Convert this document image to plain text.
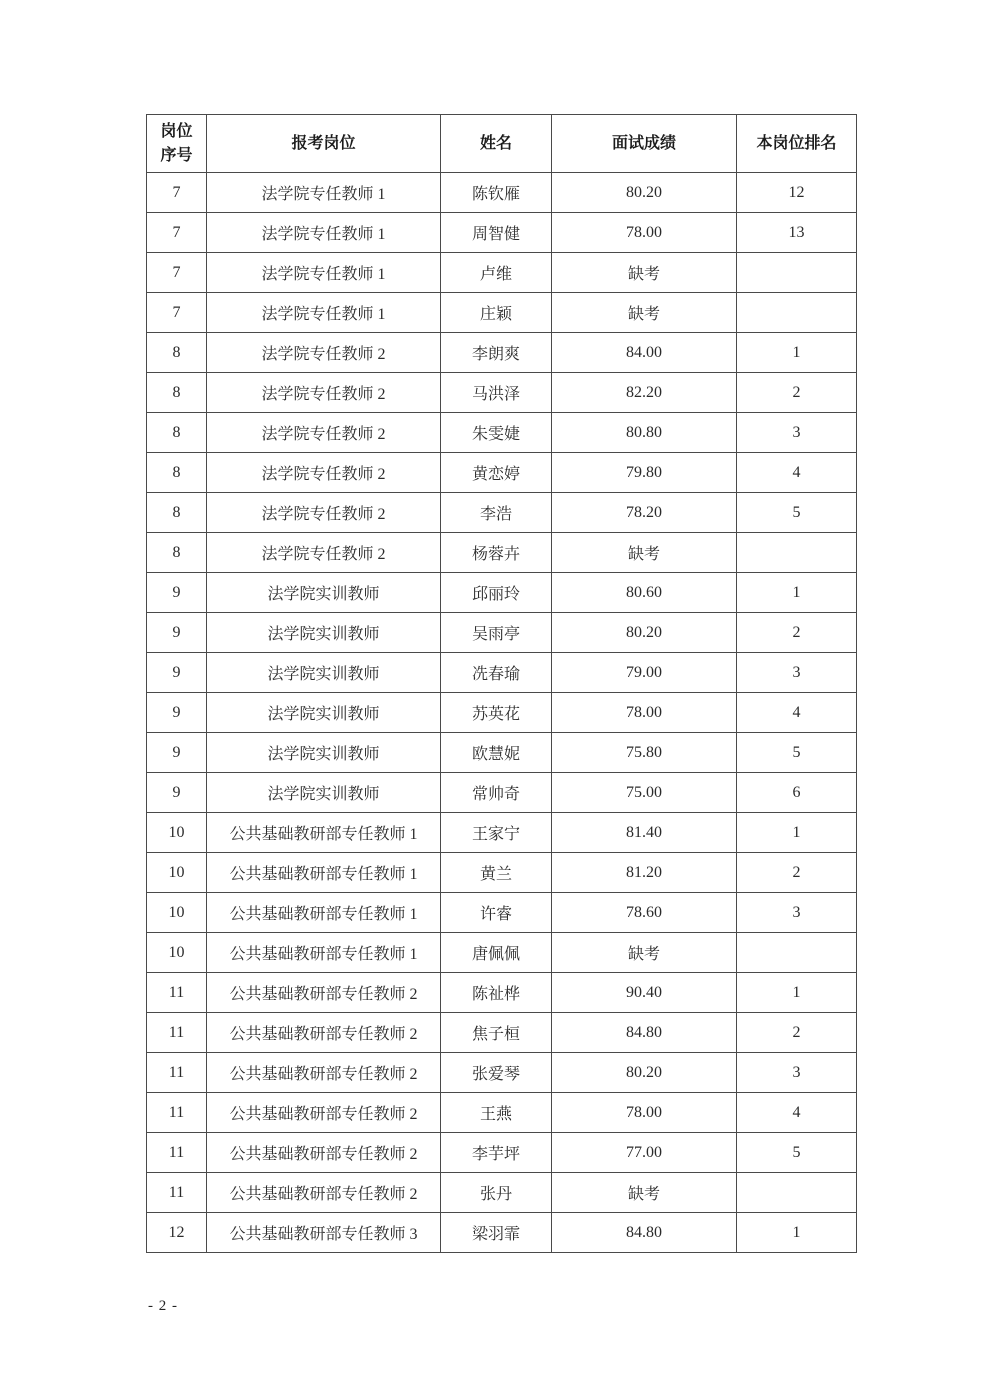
岗位
序号	报考岗位	姓名	面试成绩	本岗位排名
7	法学院专任教师 1	陈钦雁	80.20	12
7	法学院专任教师 1	周智健	78.00	13
7	法学院专任教师 1	卢维	缺考	
7	法学院专任教师 1	庄颖	缺考	
8	法学院专任教师 2	李朗爽	84.00	1
8	法学院专任教师 2	马洪泽	82.20	2
8	法学院专任教师 2	朱雯婕	80.80	3
8	法学院专任教师 2	黄恋婷	79.80	4
8	法学院专任教师 2	李浩	78.20	5
8	法学院专任教师 2	杨蓉卉	缺考	
9	法学院实训教师	邱丽玲	80.60	1
9	法学院实训教师	吴雨亭	80.20	2
9	法学院实训教师	冼春瑜	79.00	3
9	法学院实训教师	苏英花	78.00	4
9	法学院实训教师	欧慧妮	75.80	5
9	法学院实训教师	常帅奇	75.00	6
10	公共基础教研部专任教师 1	王家宁	81.40	1
10	公共基础教研部专任教师 1	黄兰	81.20	2
10	公共基础教研部专任教师 1	许睿	78.60	3
10	公共基础教研部专任教师 1	唐佩佩	缺考	
11	公共基础教研部专任教师 2	陈祉桦	90.40	1
11	公共基础教研部专任教师 2	焦子桓	84.80	2
11	公共基础教研部专任教师 2	张爱琴	80.20	3
11	公共基础教研部专任教师 2	王燕	78.00	4
11	公共基础教研部专任教师 2	李芋坪	77.00	5
11	公共基础教研部专任教师 2	张丹	缺考	
12	公共基础教研部专任教师 3	梁羽霏	84.80	1
- 2 -
